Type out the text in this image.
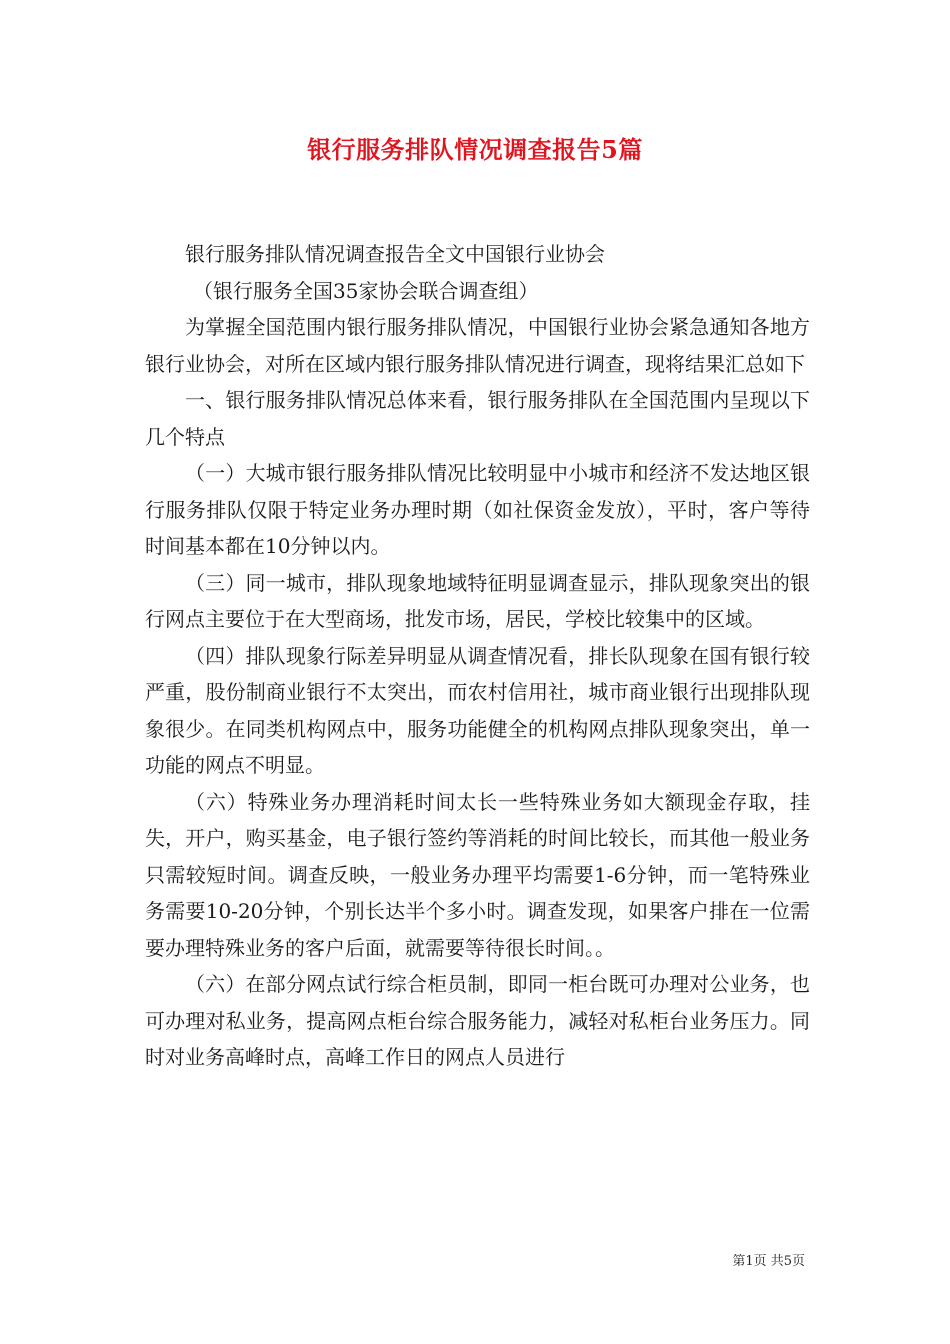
银行服务排队情况调查报告5篇

银行服务排队情况调查报告全文中国银行业协会

（银行服务全国35家协会联合调查组）

为掌握全国范围内银行服务排队情况，中国银行业协会紧急通知各地方银行业协会，对所在区域内银行服务排队情况进行调查，现将结果汇总如下

一、银行服务排队情况总体来看，银行服务排队在全国范围内呈现以下几个特点

（一）大城市银行服务排队情况比较明显中小城市和经济不发达地区银行服务排队仅限于特定业务办理时期（如社保资金发放），平时，客户等待时间基本都在10分钟以内。

（三）同一城市，排队现象地域特征明显调查显示，排队现象突出的银行网点主要位于在大型商场，批发市场，居民，学校比较集中的区域。

（四）排队现象行际差异明显从调查情况看，排长队现象在国有银行较严重，股份制商业银行不太突出，而农村信用社，城市商业银行出现排队现象很少。在同类机构网点中，服务功能健全的机构网点排队现象突出，单一功能的网点不明显。

（六）特殊业务办理消耗时间太长一些特殊业务如大额现金存取，挂失，开户，购买基金，电子银行签约等消耗的时间比较长，而其他一般业务只需较短时间。调查反映，一般业务办理平均需要1-6分钟，而一笔特殊业务需要10-20分钟，个别长达半个多小时。调查发现，如果客户排在一位需要办理特殊业务的客户后面，就需要等待很长时间。。

（六）在部分网点试行综合柜员制，即同一柜台既可办理对公业务，也可办理对私业务，提高网点柜台综合服务能力，减轻对私柜台业务压力。同时对业务高峰时点，高峰工作日的网点人员进行

第1页 共5页
